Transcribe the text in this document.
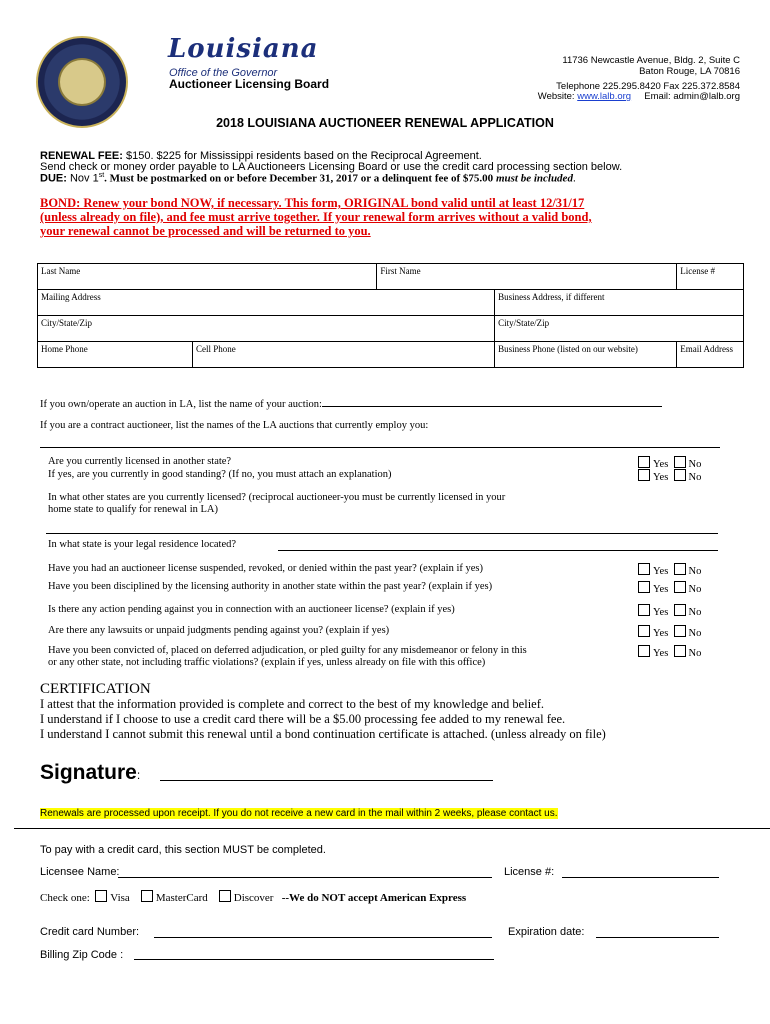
Louisiana
Office of the Governor
Auctioneer Licensing Board
11736 Newcastle Avenue, Bldg. 2, Suite C
Baton Rouge, LA 70816
Telephone 225.295.8420 Fax 225.372.8584
Website: www.lalb.org Email: admin@lalb.org
2018 LOUISIANA AUCTIONEER RENEWAL APPLICATION
RENEWAL FEE: $150. $225 for Mississippi residents based on the Reciprocal Agreement.
Send check or money order payable to LA Auctioneers Licensing Board or use the credit card processing section below.
DUE: Nov 1st. Must be postmarked on or before December 31, 2017 or a delinquent fee of $75.00 must be included.
BOND: Renew your bond NOW, if necessary. This form, ORIGINAL bond valid until at least 12/31/17
(unless already on file), and fee must arrive together. If your renewal form arrives without a valid bond,
your renewal cannot be processed and will be returned to you.
Last Name		First Name		License #
Mailing Address			Business Address, if different	
City/State/Zip			City/State/Zip	
Home Phone	Cell Phone		Business Phone (listed on our website)	Email Address
If you own/operate an auction in LA, list the name of your auction:
If you are a contract auctioneer, list the names of the LA auctions that currently employ you:
Are you currently licensed in another state?
If yes, are you currently in good standing? (If no, you must attach an explanation)
Yes No
Yes No
In what other states are you currently licensed? (reciprocal auctioneer-you must be currently licensed in your
home state to qualify for renewal in LA)
In what state is your legal residence located?
Have you had an auctioneer license suspended, revoked, or denied within the past year? (explain if yes)	Yes No
Have you been disciplined by the licensing authority in another state within the past year? (explain if yes)	Yes No
Is there any action pending against you in connection with an auctioneer license? (explain if yes)	Yes No
Are there any lawsuits or unpaid judgments pending against you? (explain if yes)	Yes No
Have you been convicted of, placed on deferred adjudication, or pled guilty for any misdemeanor or felony in this
or any other state, not including traffic violations? (explain if yes, unless already on file with this office)
Yes No
CERTIFICATION
I attest that the information provided is complete and correct to the best of my knowledge and belief.
I understand if I choose to use a credit card there will be a $5.00 processing fee added to my renewal fee.
I understand I cannot submit this renewal until a bond continuation certificate is attached. (unless already on file)
Signature:
Renewals are processed upon receipt. If you do not receive a new card in the mail within 2 weeks, please contact us.
To pay with a credit card, this section MUST be completed.
Licensee Name:	License #:
Check one: Visa MasterCard Discover --We do NOT accept American Express
Credit card Number:	Expiration date:
Billing Zip Code :
